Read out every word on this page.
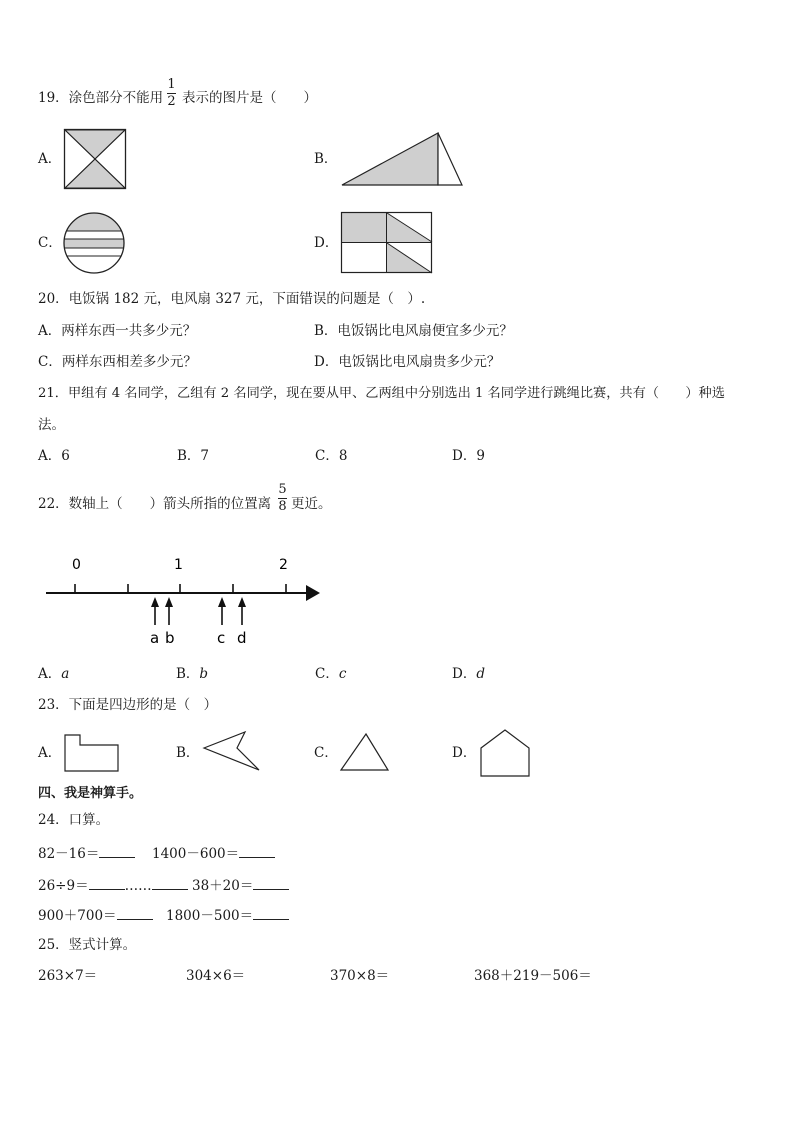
19．涂色部分不能用
1
2 表示的图片是（　　）
A．	B．
C．	D．
20．电饭锅 182 元，电风扇 327 元，下面错误的问题是（　）.
A．两样东西一共多少元？	B．电饭锅比电风扇便宜多少元？
C．两样东西相差多少元？	D．电饭锅比电风扇贵多少元？
21．甲组有 4 名同学，乙组有 2 名同学，现在要从甲、乙两组中分别选出 1 名同学进行跳绳比赛，共有（　　）种选
法。
A．6	B．7	C．8	D．9
22．数轴上（　　）箭头所指的位置离
5
8 更近。
0	1	2
a b	c d
A．a	B．b	C．c	D．d
23．下面是四边形的是（　）
A．	B．	C．	D．
四、我是神算手。
24．口算。
82－16＝	1400－600＝
26÷9＝	……	38＋20＝
900＋700＝	1800－500＝
25．竖式计算。
263×7＝	304×6＝	370×8＝	368＋219－506＝
